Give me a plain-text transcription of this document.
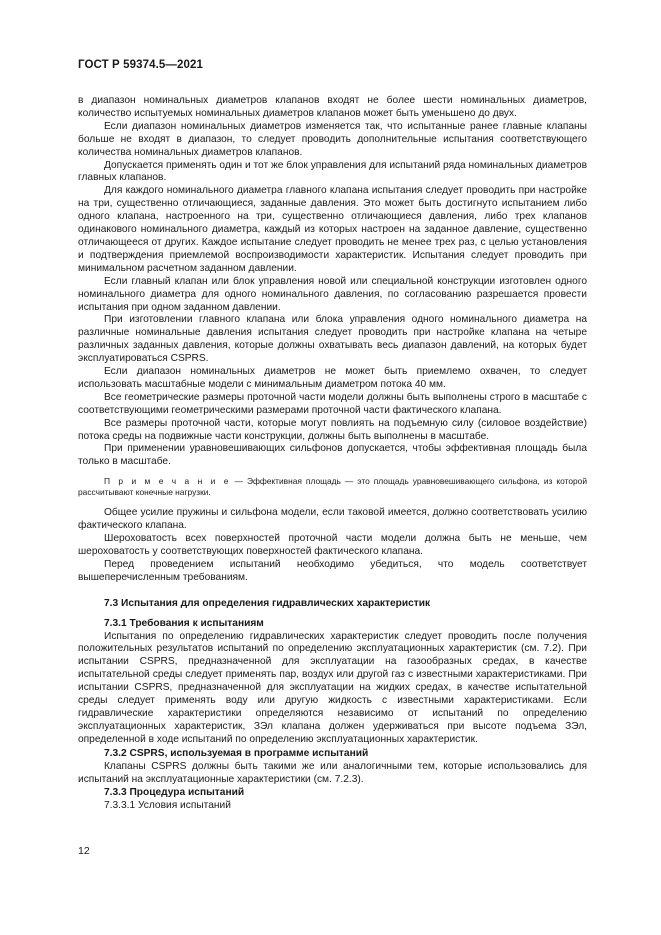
ГОСТ Р 59374.5—2021

в диапазон номинальных диаметров клапанов входят не более шести номинальных диаметров, количество испытуемых номинальных диаметров клапанов может быть уменьшено до двух.

Если диапазон номинальных диаметров изменяется так, что испытанные ранее главные клапаны больше не входят в диапазон, то следует проводить дополнительные испытания соответствующего количества номинальных диаметров клапанов.

Допускается применять один и тот же блок управления для испытаний ряда номинальных диаметров главных клапанов.

Для каждого номинального диаметра главного клапана испытания следует проводить при настройке на три, существенно отличающиеся, заданные давления. Это может быть достигнуто испытанием либо одного клапана, настроенного на три, существенно отличающиеся давления, либо трех клапанов одинакового номинального диаметра, каждый из которых настроен на заданное давление, существенно отличающееся от других. Каждое испытание следует проводить не менее трех раз, с целью установления и подтверждения приемлемой воспроизводимости характеристик. Испытания следует проводить при минимальном расчетном заданном давлении.

Если главный клапан или блок управления новой или специальной конструкции изготовлен одного номинального диаметра для одного номинального давления, по согласованию разрешается провести испытания при одном заданном давлении.

При изготовлении главного клапана или блока управления одного номинального диаметра на различные номинальные давления испытания следует проводить при настройке клапана на четыре различных заданных давления, которые должны охватывать весь диапазон давлений, на которых будет эксплуатироваться CSPRS.

Если диапазон номинальных диаметров не может быть приемлемо охвачен, то следует использовать масштабные модели с минимальным диаметром потока 40 мм.

Все геометрические размеры проточной части модели должны быть выполнены строго в масштабе с соответствующими геометрическими размерами проточной части фактического клапана.

Все размеры проточной части, которые могут повлиять на подъемную силу (силовое воздействие) потока среды на подвижные части конструкции, должны быть выполнены в масштабе.

При применении уравновешивающих сильфонов допускается, чтобы эффективная площадь была только в масштабе.

П р и м е ч а н и е — Эффективная площадь — это площадь уравновешивающего сильфона, из которой рассчитывают конечные нагрузки.

Общее усилие пружины и сильфона модели, если таковой имеется, должно соответствовать усилию фактического клапана.

Шероховатость всех поверхностей проточной части модели должна быть не меньше, чем шероховатость у соответствующих поверхностей фактического клапана.

Перед проведением испытаний необходимо убедиться, что модель соответствует вышеперечисленным требованиям.

7.3 Испытания для определения гидравлических характеристик
7.3.1 Требования к испытаниям

Испытания по определению гидравлических характеристик следует проводить после получения положительных результатов испытаний по определению эксплуатационных характеристик (см. 7.2). При испытании CSPRS, предназначенной для эксплуатации на газообразных средах, в качестве испытательной среды следует применять пар, воздух или другой газ с известными характеристиками. При испытании CSPRS, предназначенной для эксплуатации на жидких средах, в качестве испытательной среды следует применять воду или другую жидкость с известными характеристиками. Если гидравлические характеристики определяются независимо от испытаний по определению эксплуатационных характеристик, ЗЭл клапана должен удерживаться при высоте подъема ЗЭл, определенной в ходе испытаний по определению эксплуатационных характеристик.

7.3.2 CSPRS, используемая в программе испытаний

Клапаны CSPRS должны быть такими же или аналогичными тем, которые использовались для испытаний на эксплуатационные характеристики (см. 7.2.3).

7.3.3 Процедура испытаний
7.3.3.1 Условия испытаний
12
